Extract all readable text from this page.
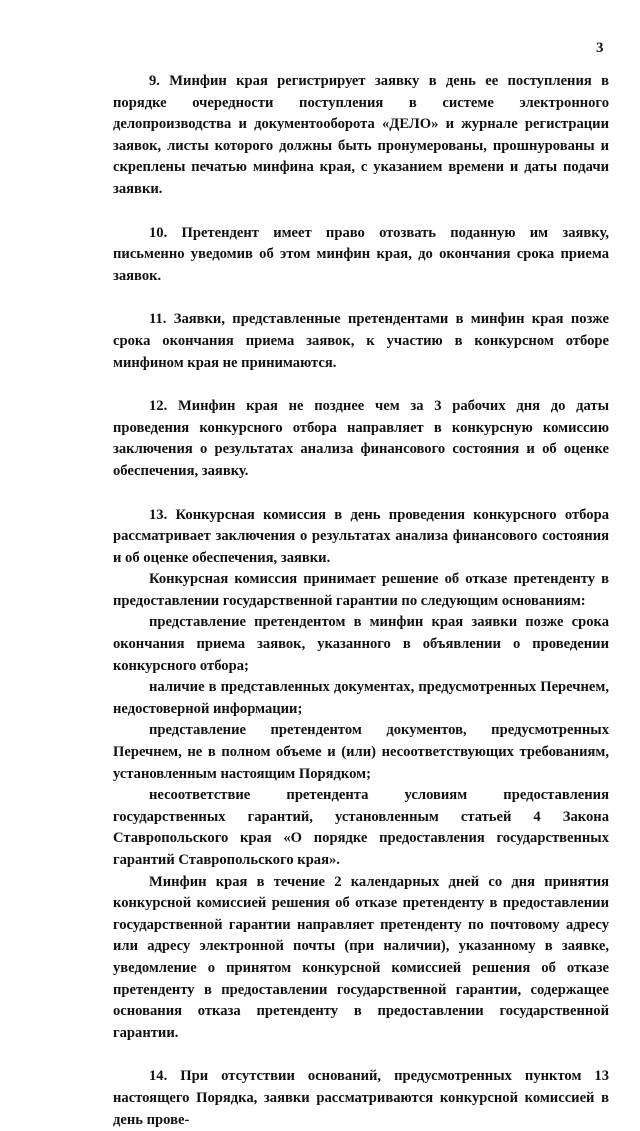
3

9. Минфин края регистрирует заявку в день ее поступления в порядке очередности поступления в системе электронного делопроизводства и документооборота «ДЕЛО» и журнале регистрации заявок, листы которого должны быть пронумерованы, прошнурованы и скреплены печатью минфина края, с указанием времени и даты подачи заявки.

10. Претендент имеет право отозвать поданную им заявку, письменно уведомив об этом минфин края, до окончания срока приема заявок.

11. Заявки, представленные претендентами в минфин края позже срока окончания приема заявок, к участию в конкурсном отборе минфином края не принимаются.

12. Минфин края не позднее чем за 3 рабочих дня до даты проведения конкурсного отбора направляет в конкурсную комиссию заключения о результатах анализа финансового состояния и об оценке обеспечения, заявку.

13. Конкурсная комиссия в день проведения конкурсного отбора рассматривает заключения о результатах анализа финансового состояния и об оценке обеспечения, заявки.

Конкурсная комиссия принимает решение об отказе претенденту в предоставлении государственной гарантии по следующим основаниям:

представление претендентом в минфин края заявки позже срока окончания приема заявок, указанного в объявлении о проведении конкурсного отбора;

наличие в представленных документах, предусмотренных Перечнем, недостоверной информации;

представление претендентом документов, предусмотренных Перечнем, не в полном объеме и (или) несоответствующих требованиям, установленным настоящим Порядком;

несоответствие претендента условиям предоставления государственных гарантий, установленным статьей 4 Закона Ставропольского края «О порядке предоставления государственных гарантий Ставропольского края».

Минфин края в течение 2 календарных дней со дня принятия конкурсной комиссией решения об отказе претенденту в предоставлении государственной гарантии направляет претенденту по почтовому адресу или адресу электронной почты (при наличии), указанному в заявке, уведомление о принятом конкурсной комиссией решения об отказе претенденту в предоставлении государственной гарантии, содержащее основания отказа претенденту в предоставлении государственной гарантии.

14. При отсутствии оснований, предусмотренных пунктом 13 настоящего Порядка, заявки рассматриваются конкурсной комиссией в день прове-
